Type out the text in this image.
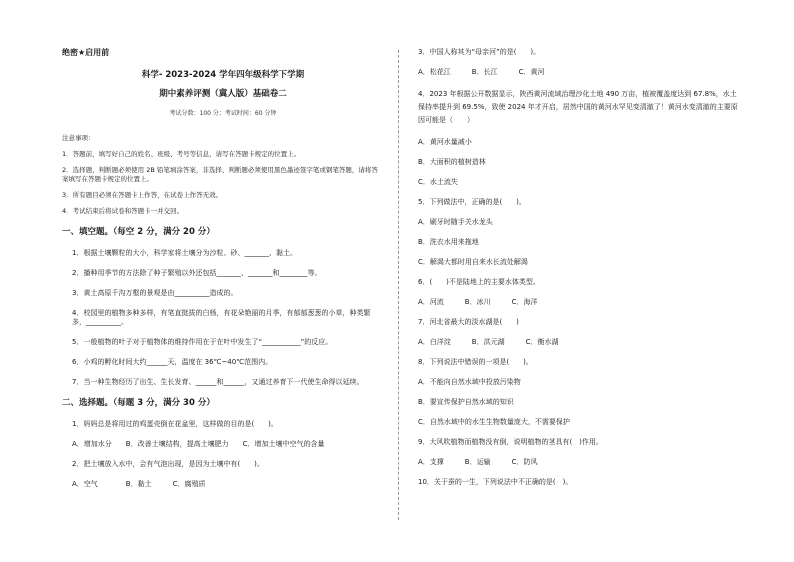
绝密★启用前
科学- 2023-2024 学年四年级科学下学期
期中素养评测（冀人版）基础卷二
考试分数：100 分；考试时间：60 分钟
注意事项：
1．答题前，填写好自己的姓名、班级、考号等信息，请写在答题卡规定的位置上。
2．选择题、判断题必须使用 2B 铅笔填涂答案，非选择、判断题必须使用黑色墨迹签字笔或钢笔答题，请将答案填写在答题卡规定的位置上。
3．所有题目必须在答题卡上作答，在试卷上作答无效。
4．考试结束后将试卷和答题卡一并交回。
一、填空题。（每空 2 分，满分 20 分）
1．根据土壤颗粒的大小，科学家将土壤分为沙粒、砂、_______、黏土。
2．播种用季节的方法除了种子繁殖以外还包括_______、_______和________等。
3．黄土高原千沟万壑的景观是由__________造成的。
4．校园里的植物多种多样，有笔直挺拔的白杨，有花朵艳丽的月季，有郁郁葱葱的小草，种类繁多，__________。
5．一般植物的叶子对于植物体的维持作用在于在叶中发生了“___________”的反应。
6．小鸡的孵化时间大约______天，温度在 36℃~40℃范围内。
7．当一种生物经历了出生、生长发育、______和______，又通过养育下一代使生命得以延续。
二、选择题。（每题 3 分，满分 30 分）
1．妈妈总是将用过的鸡蛋壳倒在花盆里，这样做的目的是(　　)。
A．增加水分　　B．改善土壤结构，提高土壤肥力　　C．增加土壤中空气的含量
2．把土壤放入水中，会有气泡出现，是因为土壤中有(　　)。
A．空气　　　　B．黏土　　　C．腐殖质
3．中国人称其为“母亲河”的是(　　)。
A．松花江　　　B．长江　　　C．黄河
4．2023 年根据公开数据显示，陕西黄河流域治理沙化土地 490 万亩，植被覆盖度达到 67.8%，水土保持率提升到 69.5%，致使 2024 年才开启，居然中国的黄河水罕见变清澈了！黄河水变清澈的主要原因可能是（　　）
A．黄河水量减小
B．大面积的植树造林
C．水土流失
5．下列做法中，正确的是(　　)。
A．刷牙时随手关水龙头
B．洗衣水用来拖地
C．解渴大都时用自来水长流处解渴
6．(　　)不是陆地上的主要水体类型。
A．河流　　　B．冰川　　　C．海洋
7．河北省最大的淡水湖是(　　)
A．白洋淀　　　B．洪元湖　　　C．衡水湖
8．下列说法中错误的一项是(　　)。
A．不能向自然水域中投放污染物
B．要宣传保护自然水域的知识
C．自然水域中的水生生物数量庞大，不需要保护
9．大风吹植物而植物没有倒，说明植物的茎具有(　)作用。
A．支撑　　　B．运输　　　C．防风
10．关于蚕的一生，下列说法中不正确的是(　)。
